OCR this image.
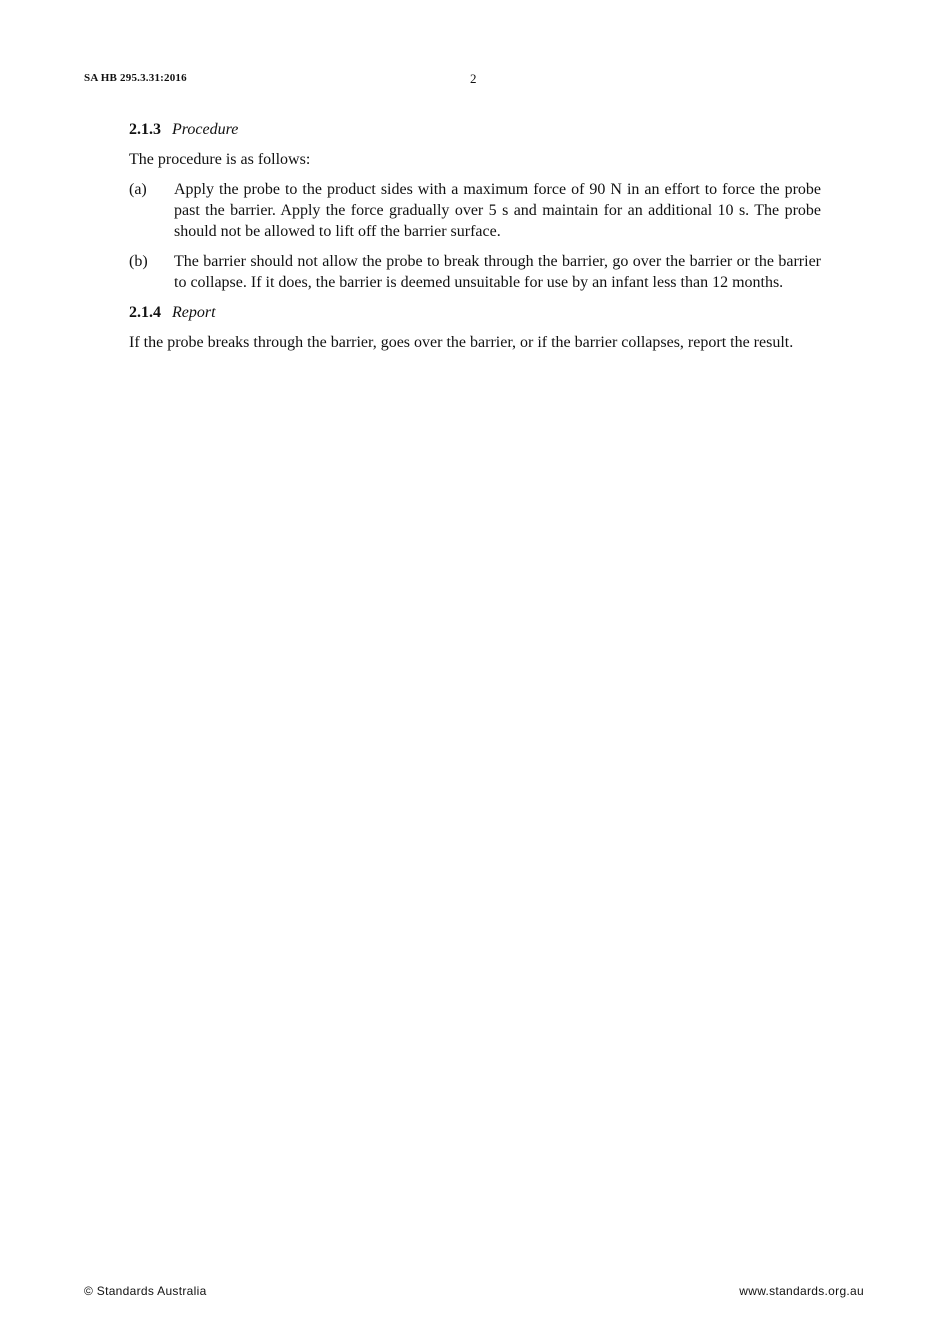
SA HB 295.3.31:2016	2
2.1.3 Procedure
The procedure is as follows:
(a)	Apply the probe to the product sides with a maximum force of 90 N in an effort to force the probe past the barrier. Apply the force gradually over 5 s and maintain for an additional 10 s. The probe should not be allowed to lift off the barrier surface.
(b)	The barrier should not allow the probe to break through the barrier, go over the barrier or the barrier to collapse. If it does, the barrier is deemed unsuitable for use by an infant less than 12 months.
2.1.4 Report
If the probe breaks through the barrier, goes over the barrier, or if the barrier collapses, report the result.
© Standards Australia	www.standards.org.au
